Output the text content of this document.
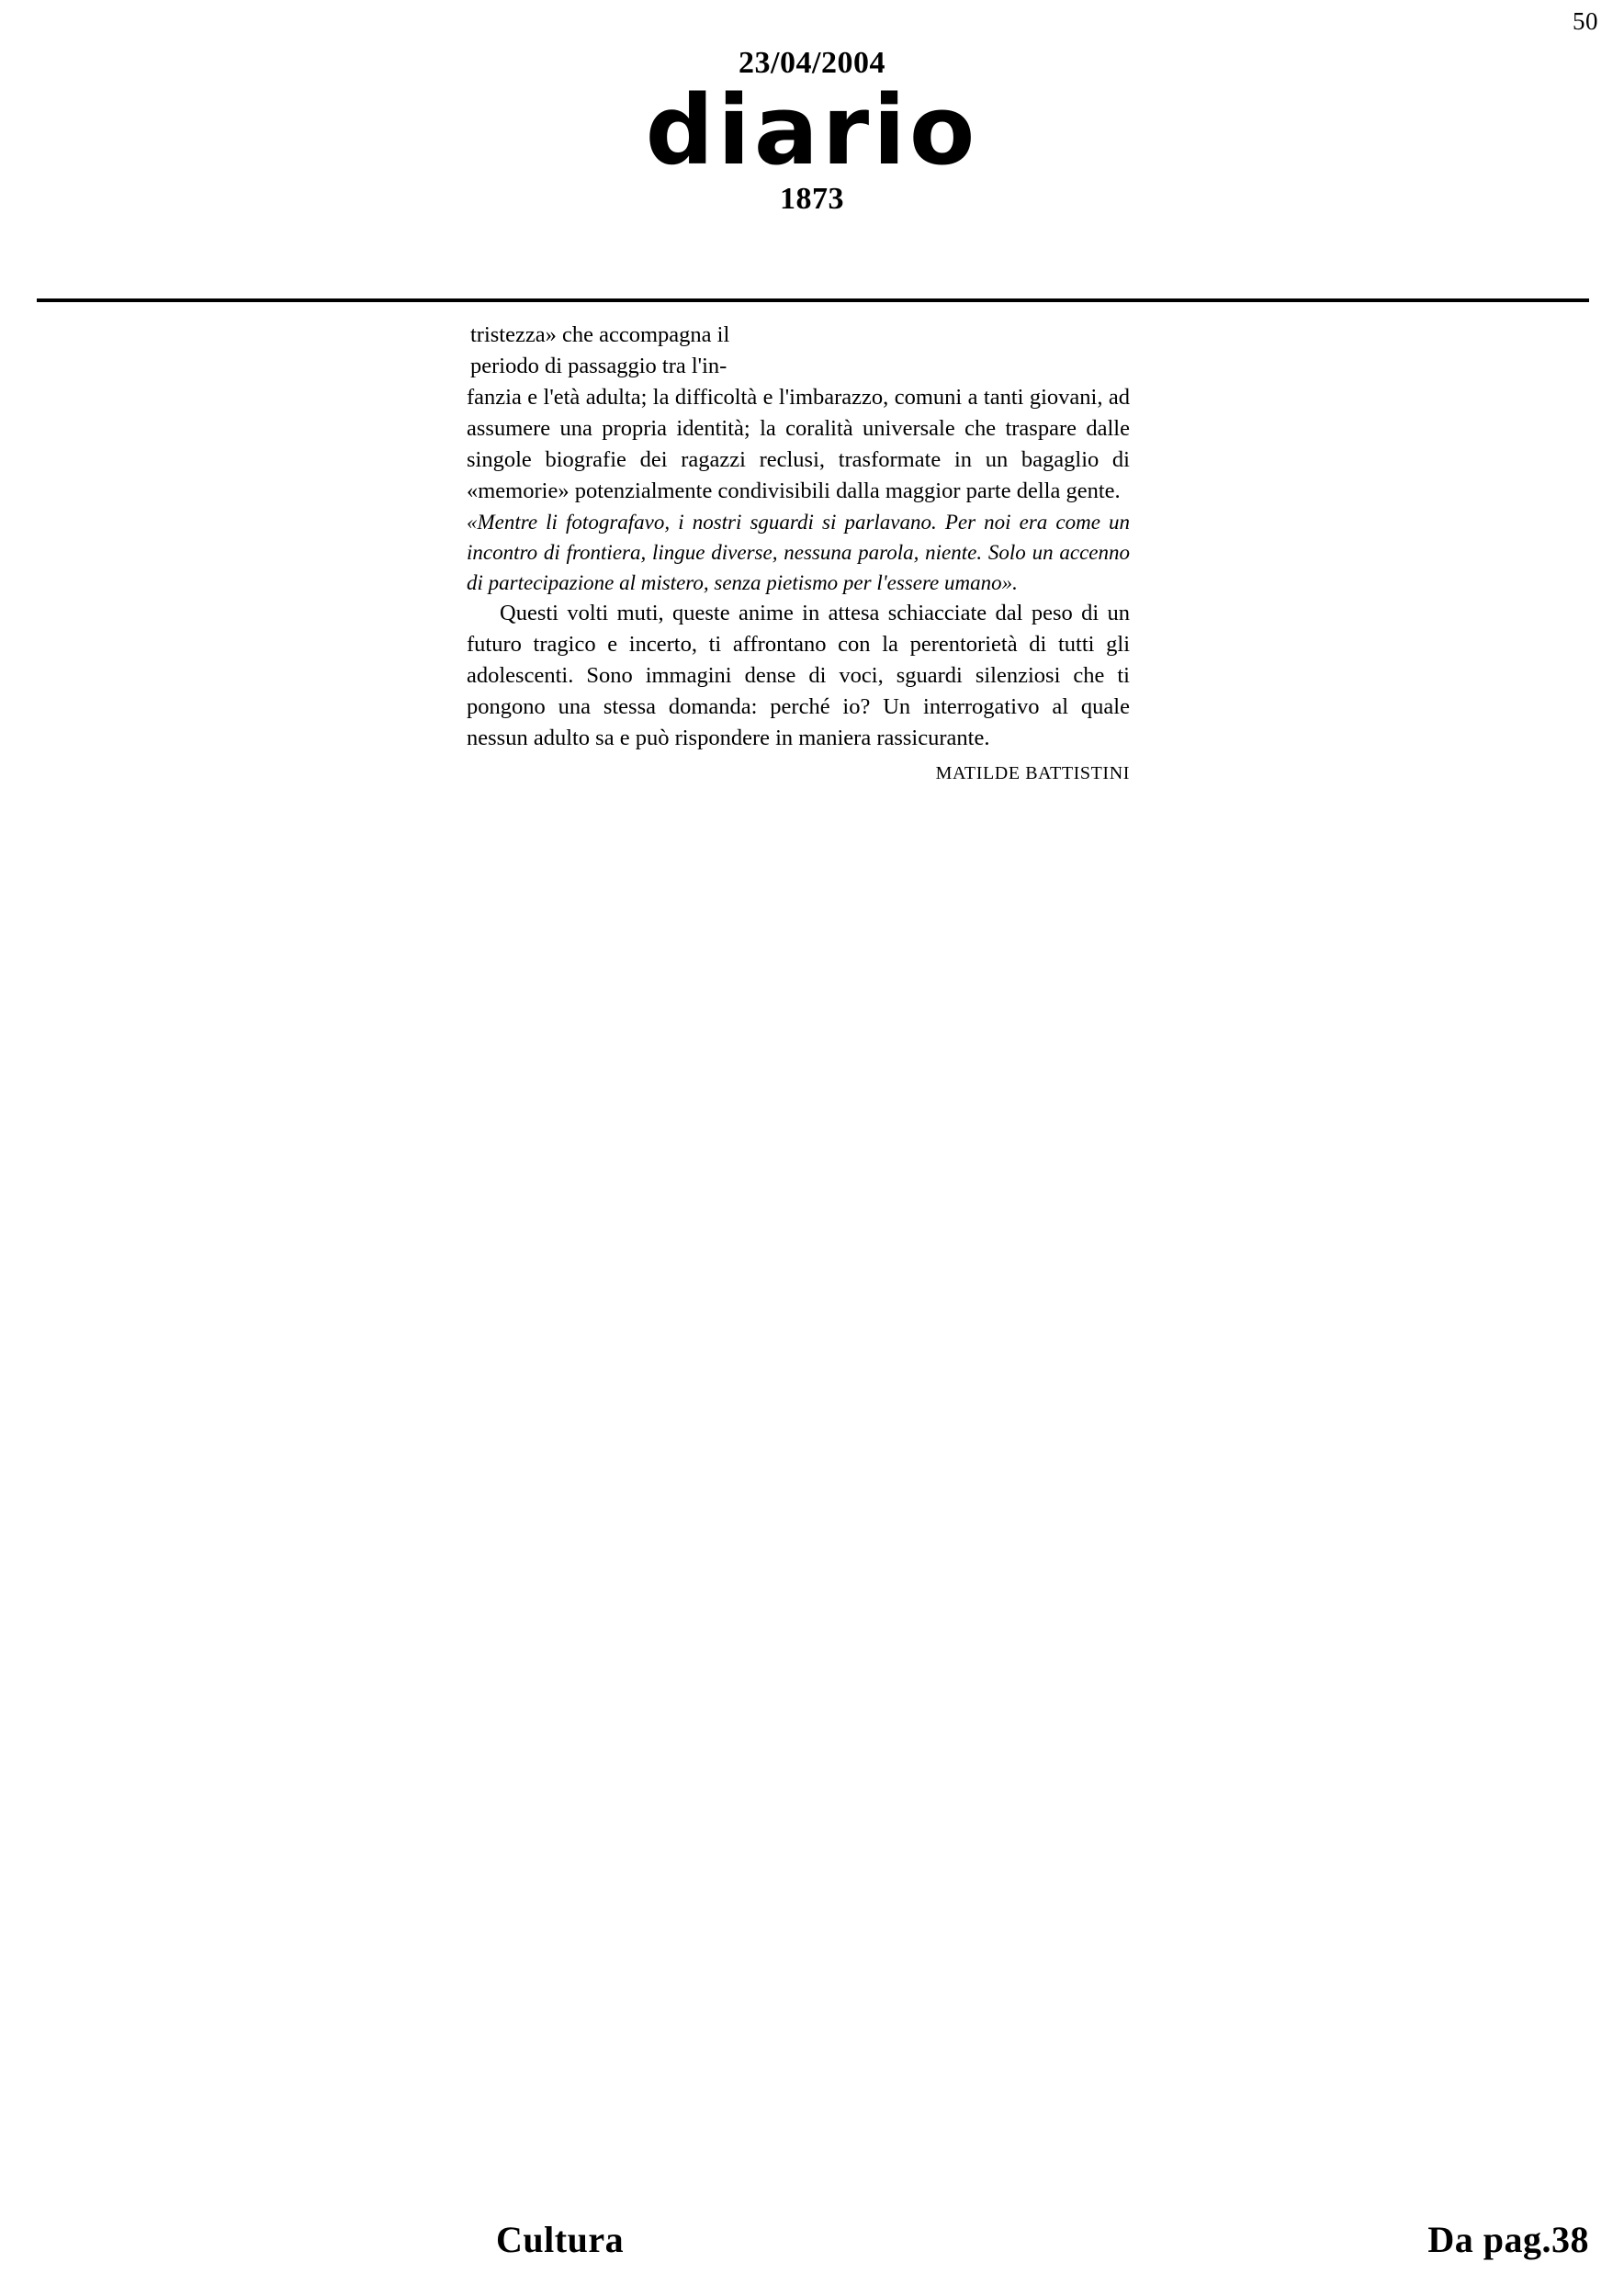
50
23/04/2004
diario
1873

tristezza» che accompagna il
periodo di passaggio tra l'in-

fanzia e l'età adulta; la difficoltà e l'imbarazzo, comuni a tanti giovani, ad assumere una propria identità; la coralità universale che traspare dalle singole biografie dei ragazzi reclusi, trasformate in un bagaglio di «memorie» potenzialmente condivisibili dalla maggior parte della gente.

«Mentre li fotografavo, i nostri sguardi si parlavano. Per noi era come un incontro di frontiera, lingue diverse, nessuna parola, niente. Solo un accenno di partecipazione al mistero, senza pietismo per l'essere umano».

Questi volti muti, queste anime in attesa schiacciate dal peso di un futuro tragico e incerto, ti affrontano con la perentorietà di tutti gli adolescenti. Sono immagini dense di voci, sguardi silenziosi che ti pongono una stessa domanda: perché io? Un interrogativo al quale nessun adulto sa e può rispondere in maniera rassicurante.

MATILDE BATTISTINI
Cultura	Da pag.38
